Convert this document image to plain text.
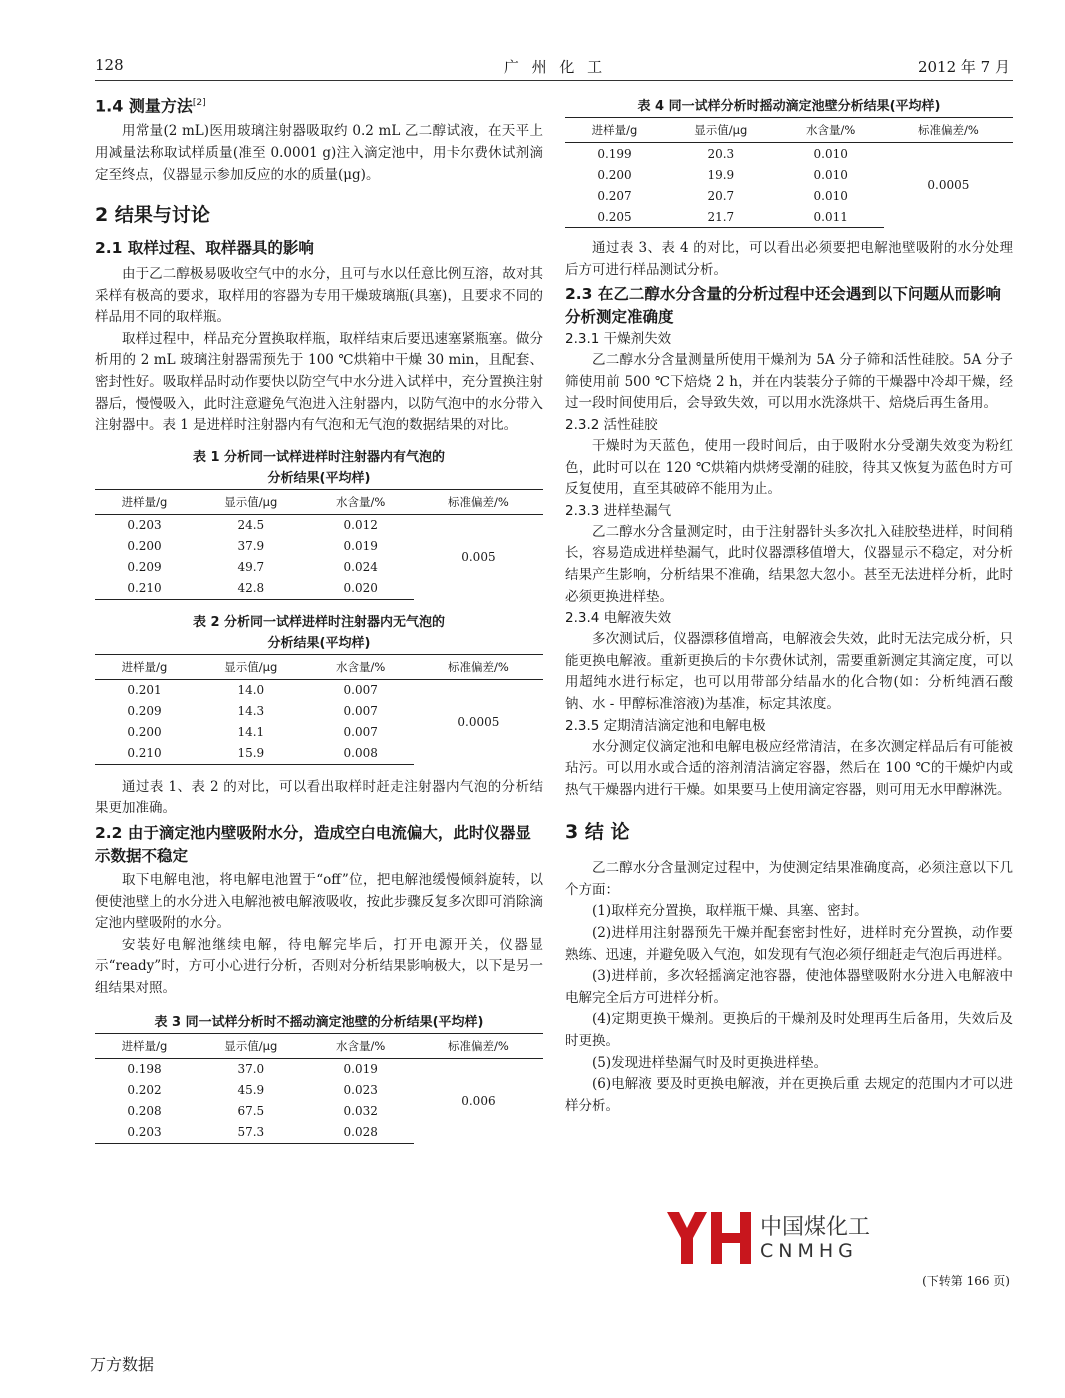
128	广 州 化 工	2012 年 7 月
1.4 测量方法[2]

用常量(2 mL)医用玻璃注射器吸取约 0.2 mL 乙二醇试液，在天平上用减量法称取试样质量(准至 0.0001 g)注入滴定池中，用卡尔费休试剂滴定至终点，仪器显示参加反应的水的质量(μg)。

2 结果与讨论
2.1 取样过程、取样器具的影响

由于乙二醇极易吸收空气中的水分，且可与水以任意比例互溶，故对其采样有极高的要求，取样用的容器为专用干燥玻璃瓶(具塞)，且要求不同的样品用不同的取样瓶。

取样过程中，样品充分置换取样瓶，取样结束后要迅速塞紧瓶塞。做分析用的 2 mL 玻璃注射器需预先于 100 ℃烘箱中干燥 30 min，且配套、密封性好。吸取样品时动作要快以防空气中水分进入试样中，充分置换注射器后，慢慢吸入，此时注意避免气泡进入注射器内，以防气泡中的水分带入注射器中。表 1 是进样时注射器内有气泡和无气泡的数据结果的对比。

表 1 分析同一试样进样时注射器内有气泡的
分析结果(平均样)
进样量/g	显示值/μg	水含量/%	标准偏差/%
0.203	24.5	0.012	0.005
0.200	37.9	0.019	
0.209	49.7	0.024	
0.210	42.8	0.020	
表 2 分析同一试样进样时注射器内无气泡的
分析结果(平均样)
进样量/g	显示值/μg	水含量/%	标准偏差/%
0.201	14.0	0.007	0.0005
0.209	14.3	0.007	
0.200	14.1	0.007	
0.210	15.9	0.008	

通过表 1、表 2 的对比，可以看出取样时赶走注射器内气泡的分析结果更加准确。

2.2 由于滴定池内壁吸附水分，造成空白电流偏大，此时仪器显示数据不稳定

取下电解电池，将电解电池置于“off”位，把电解池缓慢倾斜旋转，以便使池壁上的水分进入电解池被电解液吸收，按此步骤反复多次即可消除滴定池内壁吸附的水分。

安装好电解池继续电解，待电解完毕后，打开电源开关，仪器显示“ready”时，方可小心进行分析，否则对分析结果影响极大，以下是另一组结果对照。

表 3 同一试样分析时不摇动滴定池壁的分析结果(平均样)
进样量/g	显示值/μg	水含量/%	标准偏差/%
0.198	37.0	0.019	0.006
0.202	45.9	0.023	
0.208	67.5	0.032	
0.203	57.3	0.028	
表 4 同一试样分析时摇动滴定池壁分析结果(平均样)
进样量/g	显示值/μg	水含量/%	标准偏差/%
0.199	20.3	0.010	0.0005
0.200	19.9	0.010	
0.207	20.7	0.010	
0.205	21.7	0.011	

通过表 3、表 4 的对比，可以看出必须要把电解池壁吸附的水分处理后方可进行样品测试分析。

2.3 在乙二醇水分含量的分析过程中还会遇到以下问题从而影响分析测定准确度
2.3.1 干燥剂失效

乙二醇水分含量测量所使用干燥剂为 5A 分子筛和活性硅胶。5A 分子筛使用前 500 ℃下焙烧 2 h，并在内装装分子筛的干燥器中冷却干燥，经过一段时间使用后，会导致失效，可以用水洗涤烘干、焙烧后再生备用。

2.3.2 活性硅胶

干燥时为天蓝色，使用一段时间后，由于吸附水分受潮失效变为粉红色，此时可以在 120 ℃烘箱内烘烤受潮的硅胶，待其又恢复为蓝色时方可反复使用，直至其破碎不能用为止。

2.3.3 进样垫漏气

乙二醇水分含量测定时，由于注射器针头多次扎入硅胶垫进样，时间稍长，容易造成进样垫漏气，此时仪器漂移值增大，仪器显示不稳定，对分析结果产生影响，分析结果不准确，结果忽大忽小。甚至无法进样分析，此时必须更换进样垫。

2.3.4 电解液失效

多次测试后，仪器漂移值增高，电解液会失效，此时无法完成分析，只能更换电解液。重新更换后的卡尔费休试剂，需要重新测定其滴定度，可以用超纯水进行标定，也可以用带部分结晶水的化合物(如：分析纯酒石酸钠、水 - 甲醇标准溶液)为基准，标定其浓度。

2.3.5 定期清洁滴定池和电解电极

水分测定仪滴定池和电解电极应经常清洁，在多次测定样品后有可能被玷污。可以用水或合适的溶剂清洁滴定容器，然后在 100 ℃的干燥炉内或热气干燥器内进行干燥。如果要马上使用滴定容器，则可用无水甲醇淋洗。

3 结 论

乙二醇水分含量测定过程中，为使测定结果准确度高，必须注意以下几个方面：

(1)取样充分置换，取样瓶干燥、具塞、密封。

(2)进样用注射器预先干燥并配套密封性好，进样时充分置换，动作要熟练、迅速，并避免吸入气泡，如发现有气泡必须仔细赶走气泡后再进样。

(3)进样前，多次轻摇滴定池容器，使池体器壁吸附水分进入电解液中电解完全后方可进样分析。

(4)定期更换干燥剂。更换后的干燥剂及时处理再生后备用，失效后及时更换。

(5)发现进样垫漏气时及时更换进样垫。

(6)电解液 要及时更换电解液，并在更换后重 去规定的范围内才可以进样分析。

中国煤化工
CNMHG
(下转第 166 页)
万方数据
